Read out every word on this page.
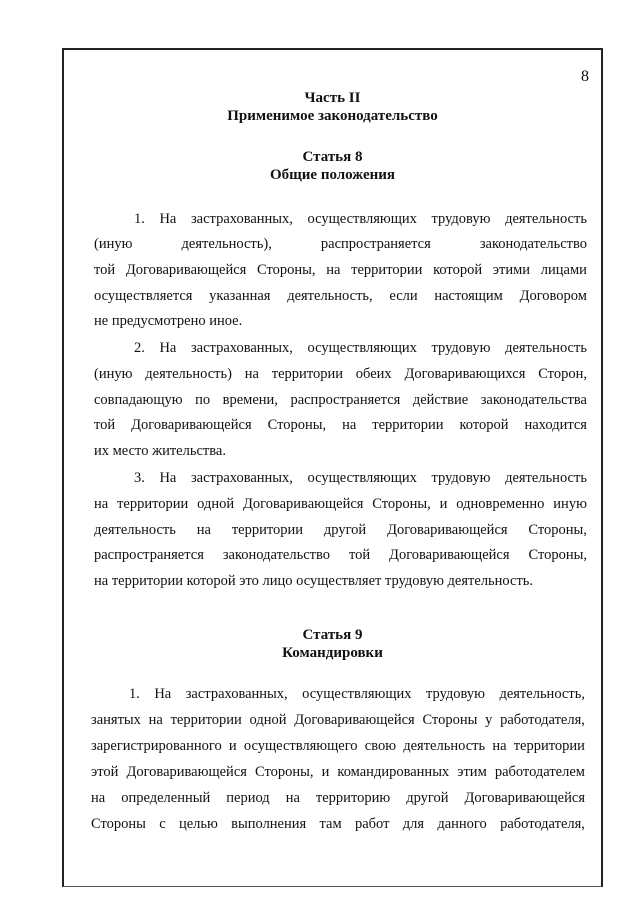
8
Часть II
Применимое законодательство
Статья 8
Общие положения
1. На застрахованных, осуществляющих трудовую деятельность
(иную	деятельность),	распространяется	законодательство
той Договаривающейся Стороны, на территории которой этими лицами
осуществляется указанная деятельность, если настоящим Договором
не предусмотрено иное.
2. На застрахованных, осуществляющих трудовую деятельность
(иную деятельность) на территории обеих Договаривающихся Сторон,
совпадающую по времени, распространяется действие законодательства
той Договаривающейся Стороны, на территории которой находится
их место жительства.
3. На застрахованных, осуществляющих трудовую деятельность
на территории одной Договаривающейся Стороны, и одновременно иную
деятельность на территории другой Договаривающейся Стороны,
распространяется законодательство той Договаривающейся Стороны,
на территории которой это лицо осуществляет трудовую деятельность.
Статья 9
Командировки
1. На застрахованных, осуществляющих трудовую деятельность,
занятых на территории одной Договаривающейся Стороны у работодателя,
зарегистрированного и осуществляющего свою деятельность на территории
этой Договаривающейся Стороны, и командированных этим работодателем
на определенный период на территорию другой Договаривающейся
Стороны с целью выполнения там работ для данного работодателя,
